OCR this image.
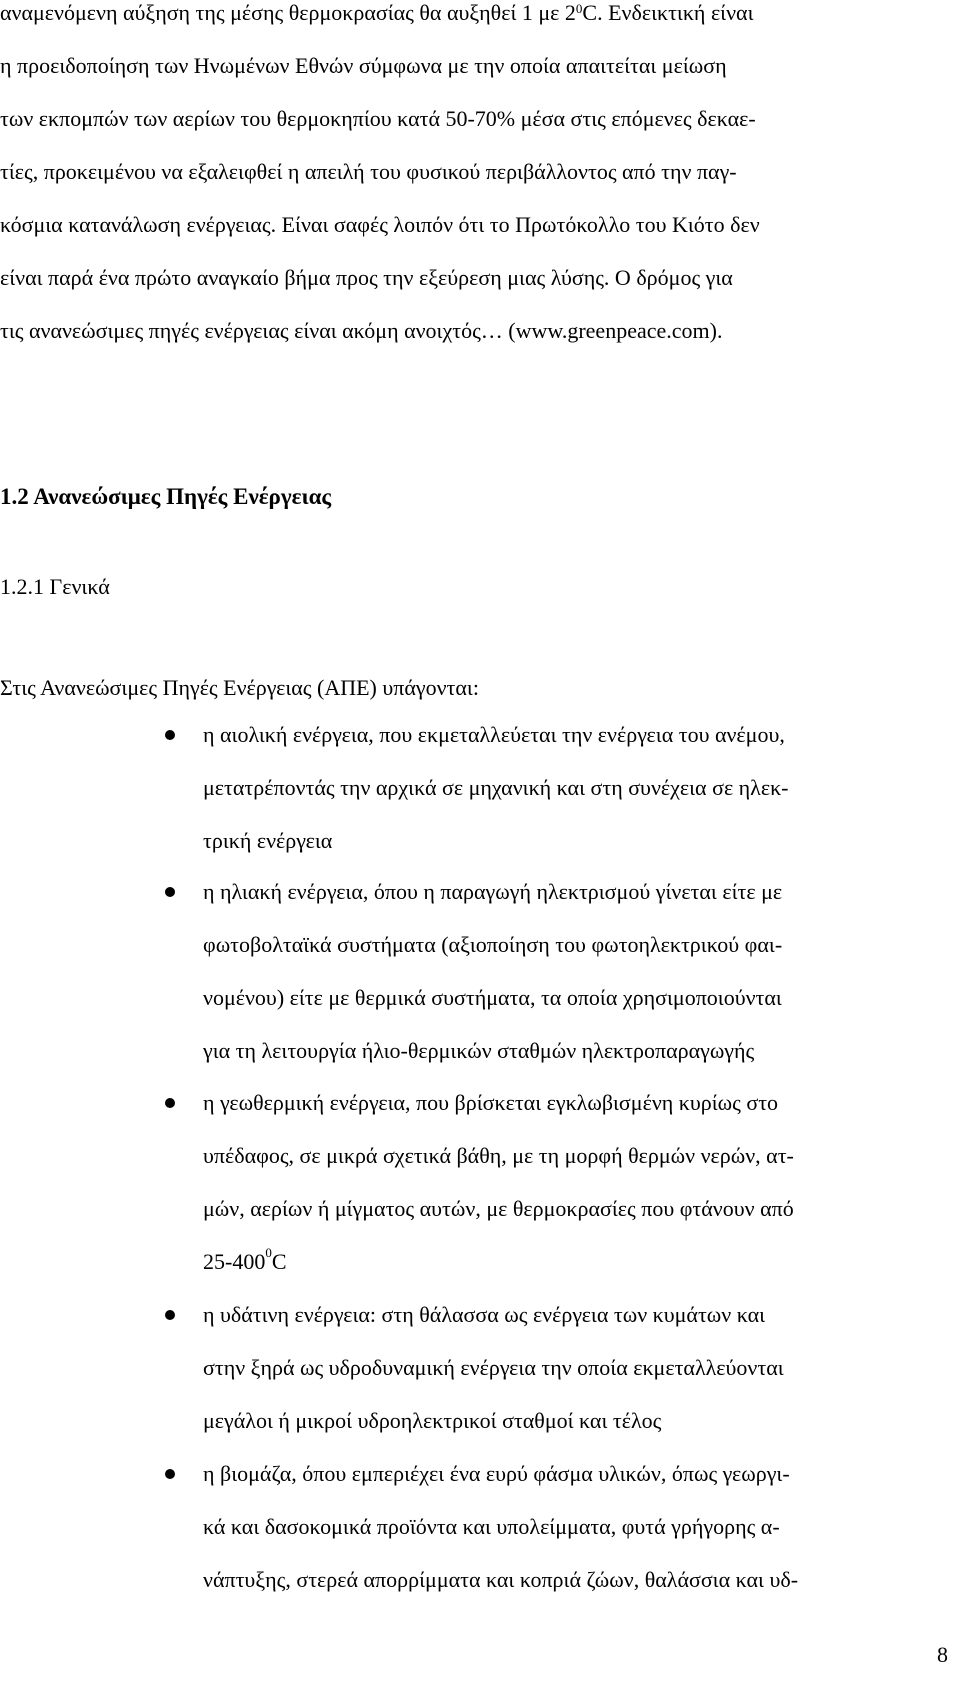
αναμενόμενη αύξηση της μέσης θερμοκρασίας θα αυξηθεί 1 με $2^0C$. Ενδεικτική είναι
η προειδοποίηση των Ηνωμένων Εθνών σύμφωνα με την οποία απαιτείται μείωση
των εκπομπών των αερίων του θερμοκηπίου κατά 50-70% μέσα στις επόμενες δεκαε-
τίες, προκειμένου να εξαλειφθεί η απειλή του φυσικού περιβάλλοντος από την παγ-
κόσμια κατανάλωση ενέργειας. Είναι σαφές λοιπόν ότι το Πρωτόκολλο του Κιότο δεν
είναι παρά ένα πρώτο αναγκαίο βήμα προς την εξεύρεση μιας λύσης. Ο δρόμος για
τις ανανεώσιμες πηγές ενέργειας είναι ακόμη ανοιχτός… (www.greenpeace.com).
1.2 Ανανεώσιμες Πηγές Ενέργειας
1.2.1 Γενικά
Στις Ανανεώσιμες Πηγές Ενέργειας (ΑΠΕ) υπάγονται:
η αιολική ενέργεια, που εκμεταλλεύεται την ενέργεια του ανέμου,
μετατρέποντάς την αρχικά σε μηχανική και στη συνέχεια σε ηλεκ-
τρική ενέργεια
η ηλιακή ενέργεια, όπου η παραγωγή ηλεκτρισμού γίνεται είτε με
φωτοβολταϊκά συστήματα (αξιοποίηση του φωτοηλεκτρικού φαι-
νομένου) είτε με θερμικά συστήματα, τα οποία χρησιμοποιούνται
για τη λειτουργία ήλιο-θερμικών σταθμών ηλεκτροπαραγωγής
η γεωθερμική ενέργεια, που βρίσκεται εγκλωβισμένη κυρίως στο
υπέδαφος, σε μικρά σχετικά βάθη, με τη μορφή θερμών νερών, ατ-
μών, αερίων ή μίγματος αυτών, με θερμοκρασίες που φτάνουν από
$25-400^0C$
η υδάτινη ενέργεια: στη θάλασσα ως ενέργεια των κυμάτων και
στην ξηρά ως υδροδυναμική ενέργεια την οποία εκμεταλλεύονται
μεγάλοι ή μικροί υδροηλεκτρικοί σταθμοί και τέλος
η βιομάζα, όπου εμπεριέχει ένα ευρύ φάσμα υλικών, όπως γεωργι-
κά και δασοκομικά προϊόντα και υπολείμματα, φυτά γρήγορης α-
νάπτυξης, στερεά απορρίμματα και κοπριά ζώων, θαλάσσια και υδ-
8
